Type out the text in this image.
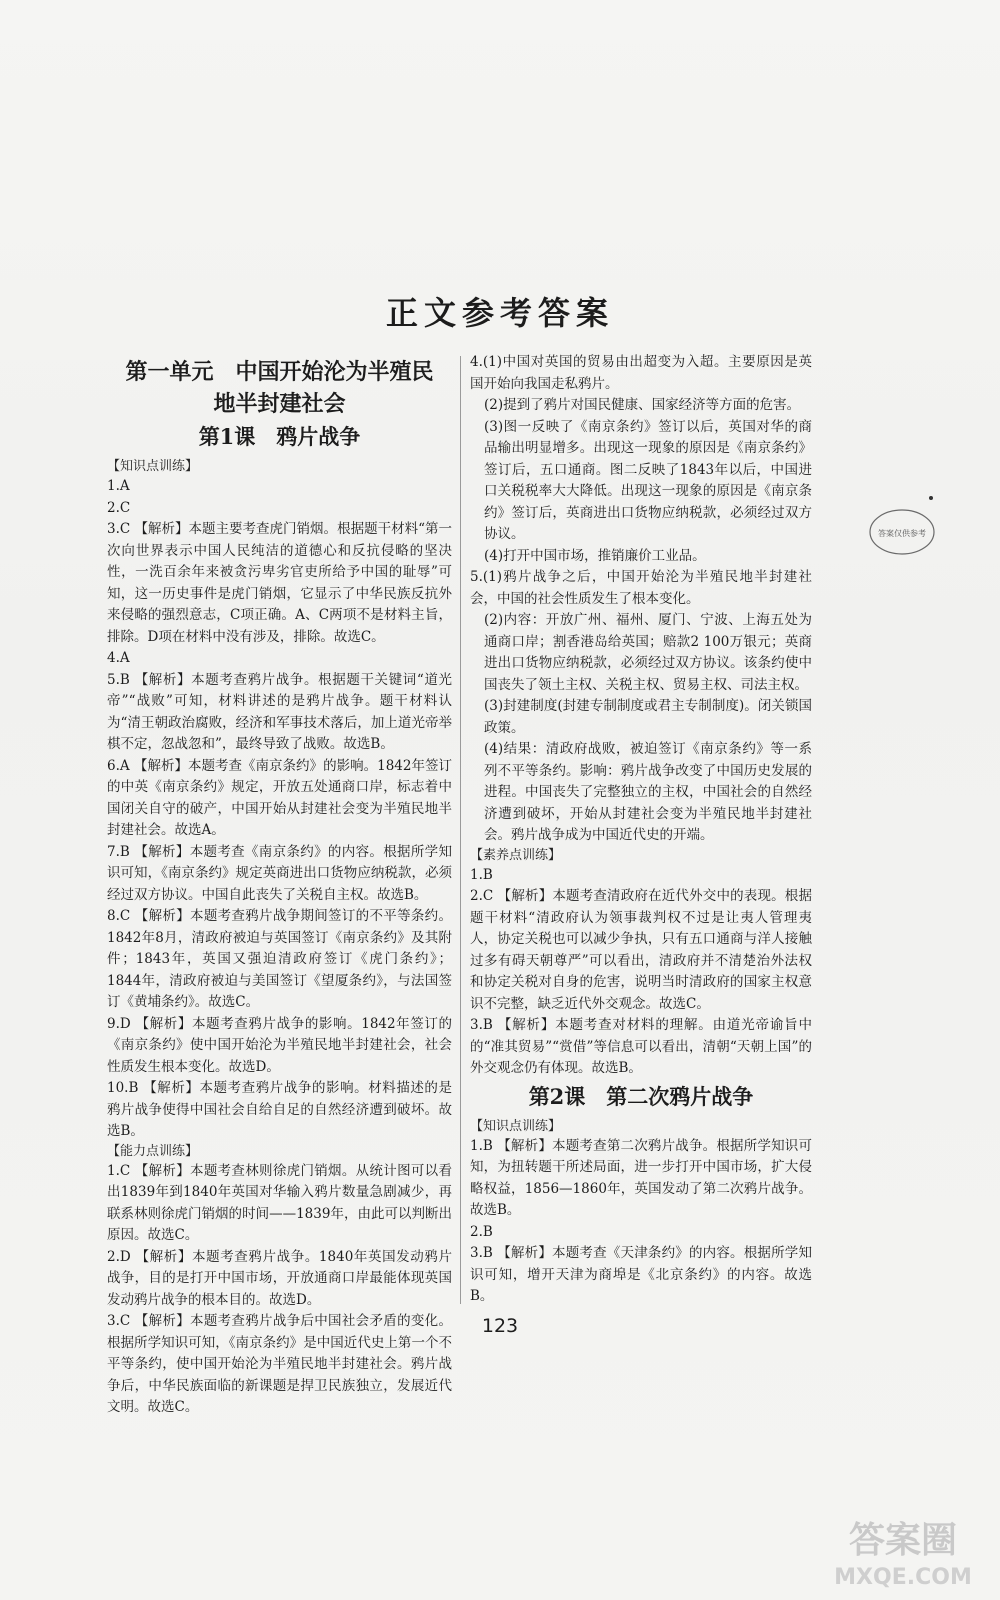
正文参考答案
第一单元　中国开始沦为半殖民
地半封建社会
第1课　鸦片战争
【知识点训练】
1.A
2.C
3.C 【解析】本题主要考查虎门销烟。根据题干材料“第一次向世界表示中国人民纯洁的道德心和反抗侵略的坚决性，一洗百余年来被贪污卑劣官吏所给予中国的耻辱”可知，这一历史事件是虎门销烟，它显示了中华民族反抗外来侵略的强烈意志，C项正确。A、C两项不是材料主旨，排除。D项在材料中没有涉及，排除。故选C。
4.A
5.B 【解析】本题考查鸦片战争。根据题干关键词“道光帝”“战败”可知，材料讲述的是鸦片战争。题干材料认为“清王朝政治腐败，经济和军事技术落后，加上道光帝举棋不定，忽战忽和”，最终导致了战败。故选B。
6.A 【解析】本题考查《南京条约》的影响。1842年签订的中英《南京条约》规定，开放五处通商口岸，标志着中国闭关自守的破产，中国开始从封建社会变为半殖民地半封建社会。故选A。
7.B 【解析】本题考查《南京条约》的内容。根据所学知识可知，《南京条约》规定英商进出口货物应纳税款，必须经过双方协议。中国自此丧失了关税自主权。故选B。
8.C 【解析】本题考查鸦片战争期间签订的不平等条约。1842年8月，清政府被迫与英国签订《南京条约》及其附件；1843年，英国又强迫清政府签订《虎门条约》；1844年，清政府被迫与美国签订《望厦条约》，与法国签订《黄埔条约》。故选C。
9.D 【解析】本题考查鸦片战争的影响。1842年签订的《南京条约》使中国开始沦为半殖民地半封建社会，社会性质发生根本变化。故选D。
10.B 【解析】本题考查鸦片战争的影响。材料描述的是鸦片战争使得中国社会自给自足的自然经济遭到破坏。故选B。
【能力点训练】
1.C 【解析】本题考查林则徐虎门销烟。从统计图可以看出1839年到1840年英国对华输入鸦片数量急剧减少，再联系林则徐虎门销烟的时间——1839年，由此可以判断出原因。故选C。
2.D 【解析】本题考查鸦片战争。1840年英国发动鸦片战争，目的是打开中国市场，开放通商口岸最能体现英国发动鸦片战争的根本目的。故选D。
3.C 【解析】本题考查鸦片战争后中国社会矛盾的变化。根据所学知识可知，《南京条约》是中国近代史上第一个不平等条约，使中国开始沦为半殖民地半封建社会。鸦片战争后，中华民族面临的新课题是捍卫民族独立，发展近代文明。故选C。
4.(1)中国对英国的贸易由出超变为入超。主要原因是英国开始向我国走私鸦片。
(2)提到了鸦片对国民健康、国家经济等方面的危害。
(3)图一反映了《南京条约》签订以后，英国对华的商品输出明显增多。出现这一现象的原因是《南京条约》签订后，五口通商。图二反映了1843年以后，中国进口关税税率大大降低。出现这一现象的原因是《南京条约》签订后，英商进出口货物应纳税款，必须经过双方协议。
(4)打开中国市场，推销廉价工业品。
5.(1)鸦片战争之后，中国开始沦为半殖民地半封建社会，中国的社会性质发生了根本变化。
(2)内容：开放广州、福州、厦门、宁波、上海五处为通商口岸；割香港岛给英国；赔款2 100万银元；英商进出口货物应纳税款，必须经过双方协议。该条约使中国丧失了领土主权、关税主权、贸易主权、司法主权。
(3)封建制度(封建专制制度或君主专制制度)。闭关锁国政策。
(4)结果：清政府战败，被迫签订《南京条约》等一系列不平等条约。影响：鸦片战争改变了中国历史发展的进程。中国丧失了完整独立的主权，中国社会的自然经济遭到破坏，开始从封建社会变为半殖民地半封建社会。鸦片战争成为中国近代史的开端。
【素养点训练】
1.B
2.C 【解析】本题考查清政府在近代外交中的表现。根据题干材料“清政府认为领事裁判权不过是让夷人管理夷人，协定关税也可以减少争执，只有五口通商与洋人接触过多有碍天朝尊严”可以看出，清政府并不清楚治外法权和协定关税对自身的危害，说明当时清政府的国家主权意识不完整，缺乏近代外交观念。故选C。
3.B 【解析】本题考查对材料的理解。由道光帝谕旨中的“准其贸易”“赏借”等信息可以看出，清朝“天朝上国”的外交观念仍有体现。故选B。
第2课　第二次鸦片战争
【知识点训练】
1.B 【解析】本题考查第二次鸦片战争。根据所学知识可知，为扭转题干所述局面，进一步打开中国市场，扩大侵略权益，1856—1860年，英国发动了第二次鸦片战争。故选B。
2.B
3.B 【解析】本题考查《天津条约》的内容。根据所学知识可知，增开天津为商埠是《北京条约》的内容。故选B。
123
答案仅供参考
答案圈
MXQE.COM
